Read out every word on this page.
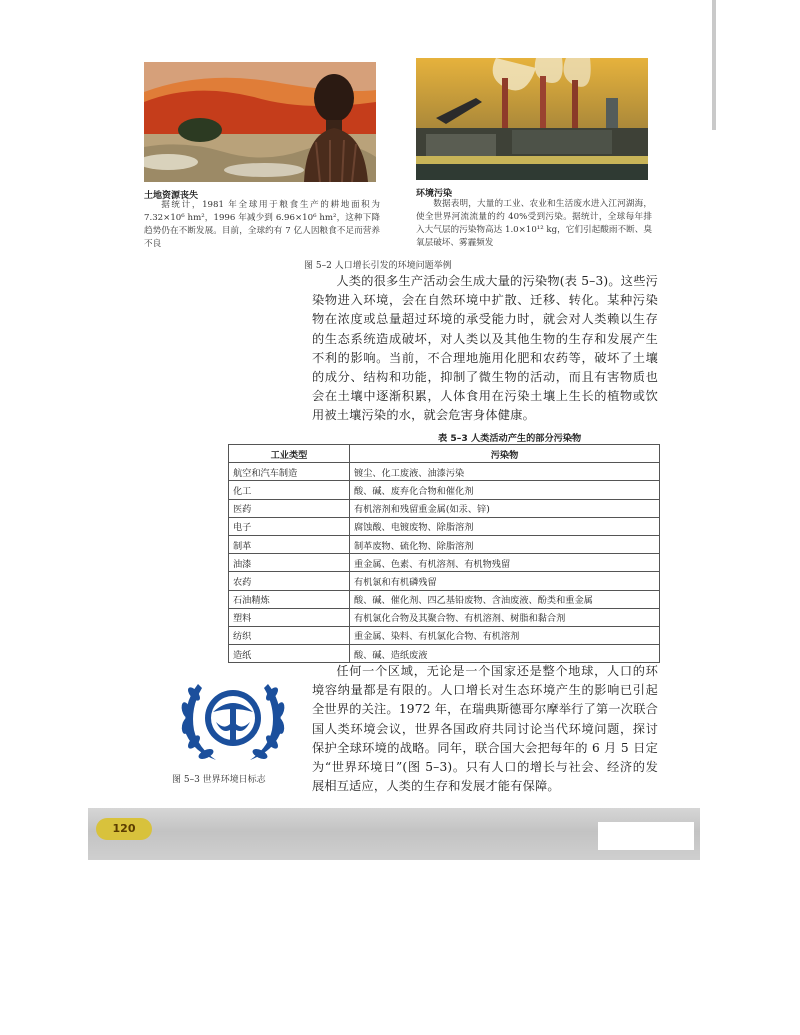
土地资源丧失
据统计，1981 年全球用于粮食生产的耕地面积为 7.32×10⁶ hm²，1996 年减少到 6.96×10⁶ hm²，这种下降趋势仍在不断发展。目前，全球约有 7 亿人因粮食不足而营养不良
环境污染
数据表明，大量的工业、农业和生活废水进入江河湖海，使全世界河流流量的约 40%受到污染。据统计，全球每年排入大气层的污染物高达 1.0×10¹² kg，它们引起酸雨不断、臭氧层破坏、雾霾频发
图 5–2 人口增长引发的环境问题举例
人类的很多生产活动会生成大量的污染物(表 5–3)。这些污染物进入环境，会在自然环境中扩散、迁移、转化。某种污染物在浓度或总量超过环境的承受能力时，就会对人类赖以生存的生态系统造成破坏，对人类以及其他生物的生存和发展产生不利的影响。当前，不合理地施用化肥和农药等，破坏了土壤的成分、结构和功能，抑制了微生物的活动，而且有害物质也会在土壤中逐渐积累，人体食用在污染土壤上生长的植物或饮用被土壤污染的水，就会危害身体健康。
表 5–3 人类活动产生的部分污染物
工业类型	污染物
航空和汽车制造	镀尘、化工废液、油漆污染
化工	酸、碱、废弃化合物和催化剂
医药	有机溶剂和残留重金属(如汞、锌)
电子	腐蚀酸、电镀废物、除脂溶剂
制革	制革废物、硫化物、除脂溶剂
油漆	重金属、色素、有机溶剂、有机物残留
农药	有机氯和有机磷残留
石油精炼	酸、碱、催化剂、四乙基铅废物、含油废液、酚类和重金属
塑料	有机氯化合物及其聚合物、有机溶剂、树脂和黏合剂
纺织	重金属、染料、有机氯化合物、有机溶剂
造纸	酸、碱、造纸废液
图 5–3 世界环境日标志
任何一个区域，无论是一个国家还是整个地球，人口的环境容纳量都是有限的。人口增长对生态环境产生的影响已引起全世界的关注。1972 年，在瑞典斯德哥尔摩举行了第一次联合国人类环境会议，世界各国政府共同讨论当代环境问题，探讨保护全球环境的战略。同年，联合国大会把每年的 6 月 5 日定为“世界环境日”(图 5–3)。只有人口的增长与社会、经济的发展相互适应，人类的生存和发展才能有保障。
120
